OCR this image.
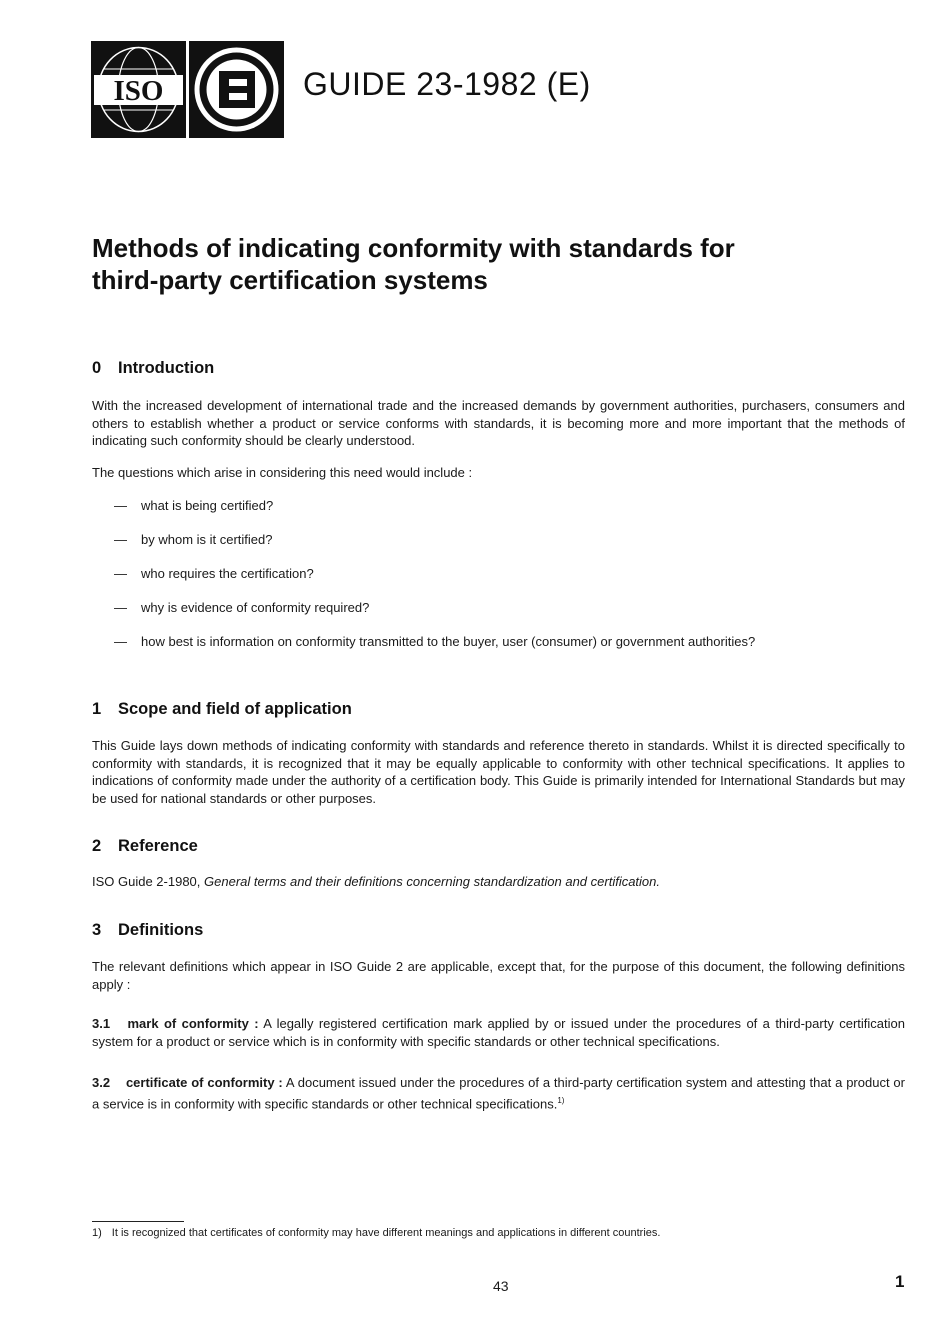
ISO
IEC
GUIDE 23-1982 (E)
Methods of indicating conformity with standards for
third-party certification systems
0 Introduction

With the increased development of international trade and the increased demands by government authorities, purchasers, consumers and others to establish whether a product or service conforms with standards, it is becoming more and more important that the methods of indicating such conformity should be clearly understood.

The questions which arise in considering this need would include :

— what is being certified?
— by whom is it certified?
— who requires the certification?
— why is evidence of conformity required?
— how best is information on conformity transmitted to the buyer, user (consumer) or government authorities?
1 Scope and field of application

This Guide lays down methods of indicating conformity with standards and reference thereto in standards. Whilst it is directed specifically to conformity with standards, it is recognized that it may be equally applicable to conformity with other technical specifications. It applies to indications of conformity made under the authority of a certification body. This Guide is primarily intended for International Standards but may be used for national standards or other purposes.

2 Reference

ISO Guide 2-1980, General terms and their definitions concerning standardization and certification.

3 Definitions

The relevant definitions which appear in ISO Guide 2 are applicable, except that, for the purpose of this document, the following definitions apply :

3.1 mark of conformity : A legally registered certification mark applied by or issued under the procedures of a third-party certification system for a product or service which is in conformity with specific standards or other technical specifications.

3.2 certificate of conformity : A document issued under the procedures of a third-party certification system and attesting that a product or a service is in conformity with specific standards or other technical specifications.$^{1)}$

1) It is recognized that certificates of conformity may have different meanings and applications in different countries.
43	1
